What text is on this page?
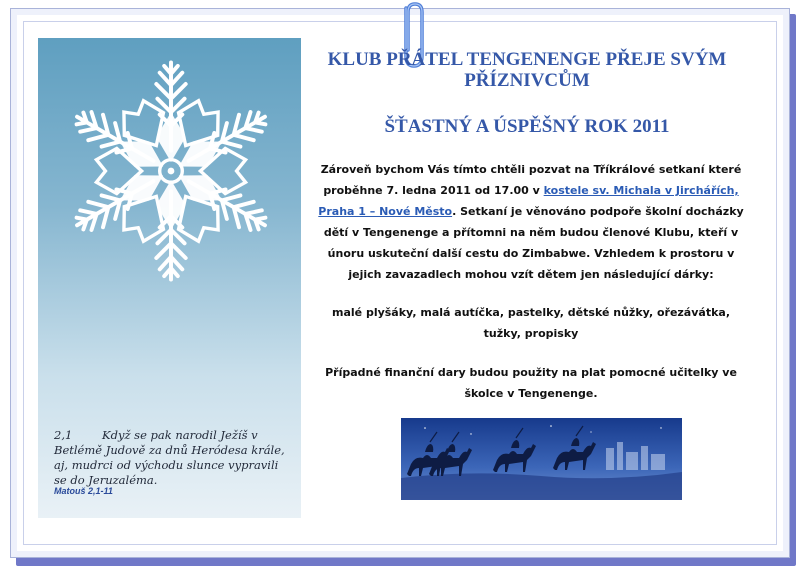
2,1	Když se pak narodil Ježíš v Betlémě Judově za dnů Heródesa krále, aj, mudrci od východu slunce vypravili se do Jeruzaléma.
Matouš 2,1-11
KLUB PŘÁTEL TENGENENGE PŘEJE SVÝM PŘÍZNIVCŮM
ŠŤASTNÝ A ÚSPĚŠNÝ ROK 2011
Zároveň bychom Vás tímto chtěli pozvat na Tříkrálové setkaní které proběhne 7. ledna 2011 od 17.00 v kostele sv. Michala v Jirchářích, Praha 1 – Nové Město. Setkaní je věnováno podpoře školní docházky dětí v Tengenenge a přítomni na něm budou členové Klubu, kteří v únoru uskuteční další cestu do Zimbabwe. Vzhledem k prostoru v jejich zavazadlech mohou vzít dětem jen následující dárky:
malé plyšáky, malá autíčka, pastelky, dětské nůžky, ořezávátka, tužky, propisky
Případné finanční dary budou použity na plat pomocné učitelky ve školce v Tengenenge.
